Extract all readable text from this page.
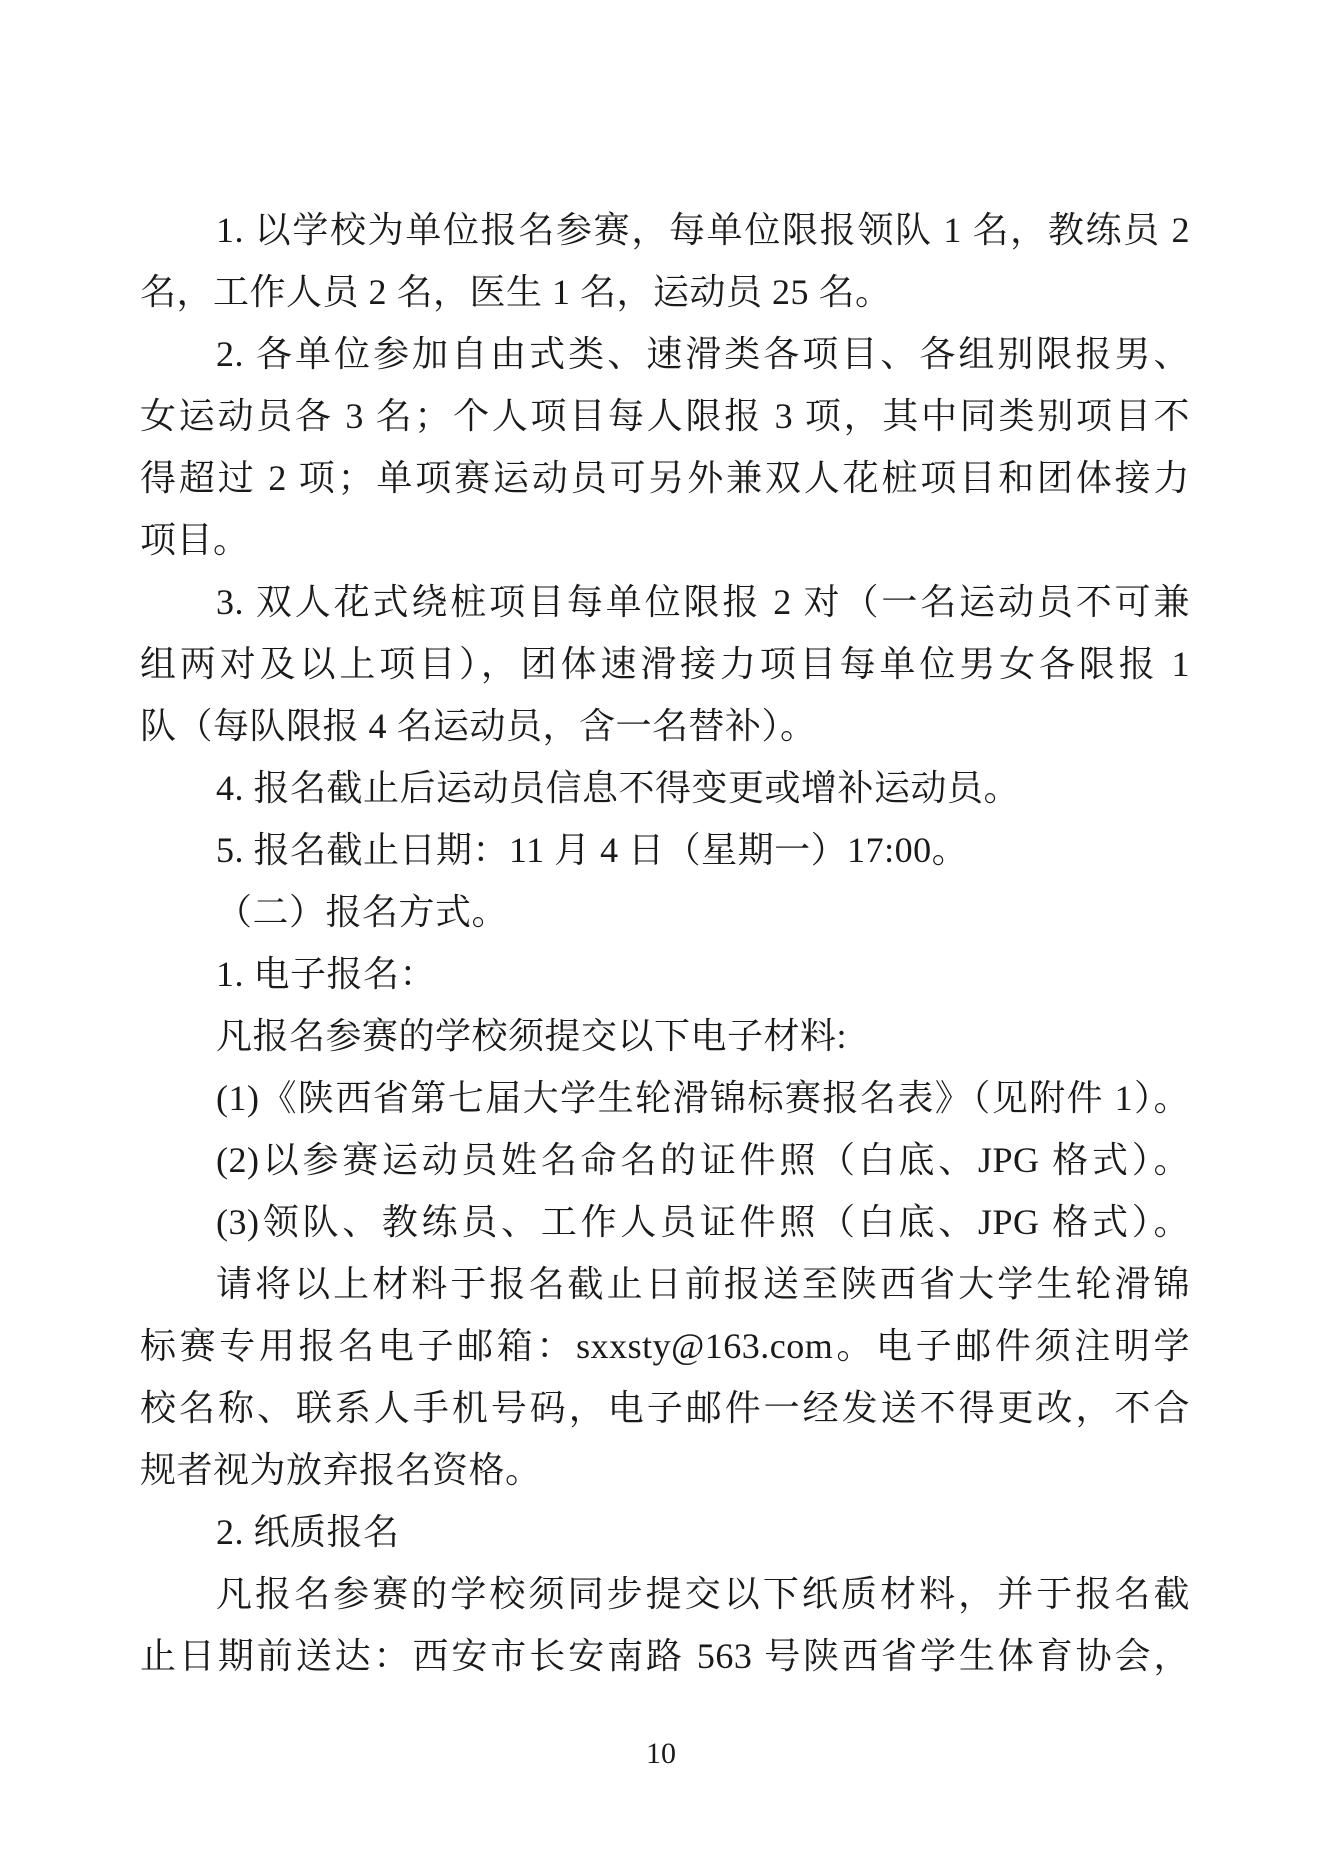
1. 以学校为单位报名参赛，每单位限报领队 1 名，教练员 2
名，工作人员 2 名，医生 1 名，运动员 25 名。
2. 各单位参加自由式类、速滑类各项目、各组别限报男、
女运动员各 3 名；个人项目每人限报 3 项，其中同类别项目不
得超过 2 项；单项赛运动员可另外兼双人花桩项目和团体接力
项目。
3. 双人花式绕桩项目每单位限报 2 对（一名运动员不可兼
组两对及以上项目），团体速滑接力项目每单位男女各限报 1
队（每队限报 4 名运动员，含一名替补）。
4. 报名截止后运动员信息不得变更或增补运动员。
5. 报名截止日期：11 月 4 日（星期一）17:00。
（二）报名方式。
1. 电子报名：
凡报名参赛的学校须提交以下电子材料:
(1)《陕西省第七届大学生轮滑锦标赛报名表》（见附件 1）。
(2)以参赛运动员姓名命名的证件照（白底、JPG 格式）。
(3)领队、教练员、工作人员证件照（白底、JPG 格式）。
请将以上材料于报名截止日前报送至陕西省大学生轮滑锦
标赛专用报名电子邮箱：sxxsty@163.com。电子邮件须注明学
校名称、联系人手机号码，电子邮件一经发送不得更改，不合
规者视为放弃报名资格。
2. 纸质报名
凡报名参赛的学校须同步提交以下纸质材料，并于报名截
止日期前送达：西安市长安南路 563 号陕西省学生体育协会，
10
